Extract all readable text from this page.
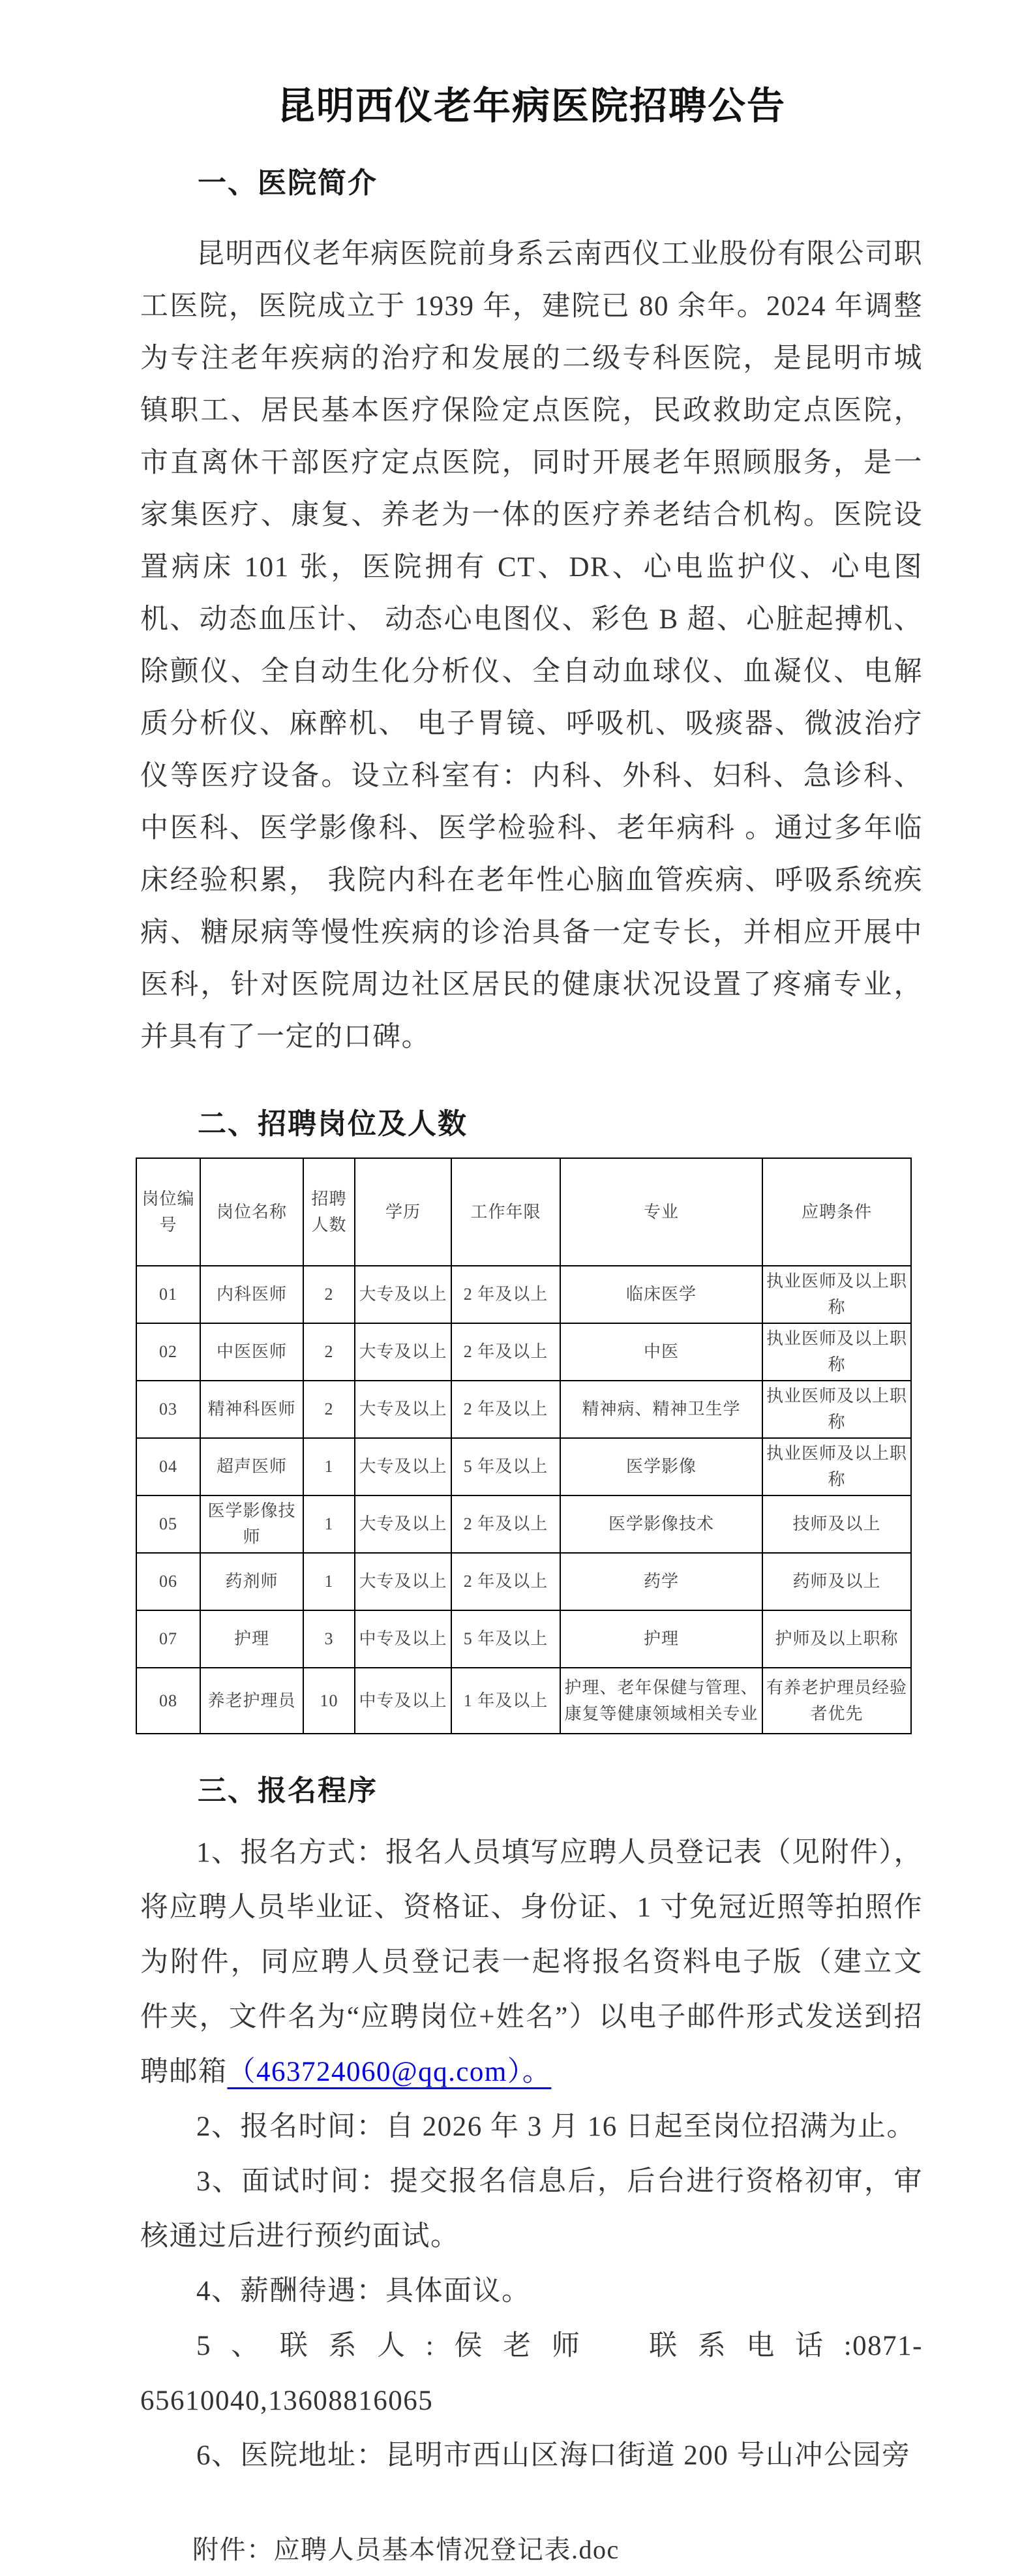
昆明西仪老年病医院招聘公告
一、医院简介

昆明西仪老年病医院前身系云南西仪工业股份有限公司职工医院，医院成立于 1939 年，建院已 80 余年。2024 年调整为专注老年疾病的治疗和发展的二级专科医院，是昆明市城镇职工、居民基本医疗保险定点医院，民政救助定点医院，市直离休干部医疗定点医院，同时开展老年照顾服务，是一家集医疗、康复、养老为一体的医疗养老结合机构。医院设置病床 101 张，医院拥有 CT、DR、心电监护仪、心电图机、动态血压计、 动态心电图仪、彩色 B 超、心脏起搏机、除颤仪、全自动生化分析仪、全自动血球仪、血凝仪、电解质分析仪、麻醉机、 电子胃镜、呼吸机、吸痰器、微波治疗仪等医疗设备。设立科室有：内科、外科、妇科、急诊科、中医科、医学影像科、医学检验科、老年病科 。通过多年临床经验积累， 我院内科在老年性心脑血管疾病、呼吸系统疾病、糖尿病等慢性疾病的诊治具备一定专长，并相应开展中医科，针对医院周边社区居民的健康状况设置了疼痛专业，并具有了一定的口碑。

二、招聘岗位及人数
岗位编号	岗位名称	招聘人数	学历	工作年限	专业	应聘条件
01	内科医师	2	大专及以上	2 年及以上	临床医学	执业医师及以上职称
02	中医医师	2	大专及以上	2 年及以上	中医	执业医师及以上职称
03	精神科医师	2	大专及以上	2 年及以上	精神病、精神卫生学	执业医师及以上职称
04	超声医师	1	大专及以上	5 年及以上	医学影像	执业医师及以上职称
05	医学影像技师	1	大专及以上	2 年及以上	医学影像技术	技师及以上
06	药剂师	1	大专及以上	2 年及以上	药学	药师及以上
07	护理	3	中专及以上	5 年及以上	护理	护师及以上职称
08	养老护理员	10	中专及以上	1 年及以上	护理、老年保健与管理、康复等健康领域相关专业	有养老护理员经验者优先
三、报名程序

1、报名方式：报名人员填写应聘人员登记表（见附件），将应聘人员毕业证、资格证、身份证、1 寸免冠近照等拍照作为附件，同应聘人员登记表一起将报名资料电子版（建立文件夹，文件名为“应聘岗位+姓名”）以电子邮件形式发送到招聘邮箱（463724060@qq.com）。

2、报名时间：自 2026 年 3 月 16 日起至岗位招满为止。

3、面试时间：提交报名信息后，后台进行资格初审，审核通过后进行预约面试。

4、薪酬待遇：具体面议。

5、联系人:侯老师　联系电话:0871-65610040,13608816065

6、医院地址：昆明市西山区海口街道 200 号山冲公园旁

附件：应聘人员基本情况登记表.doc
